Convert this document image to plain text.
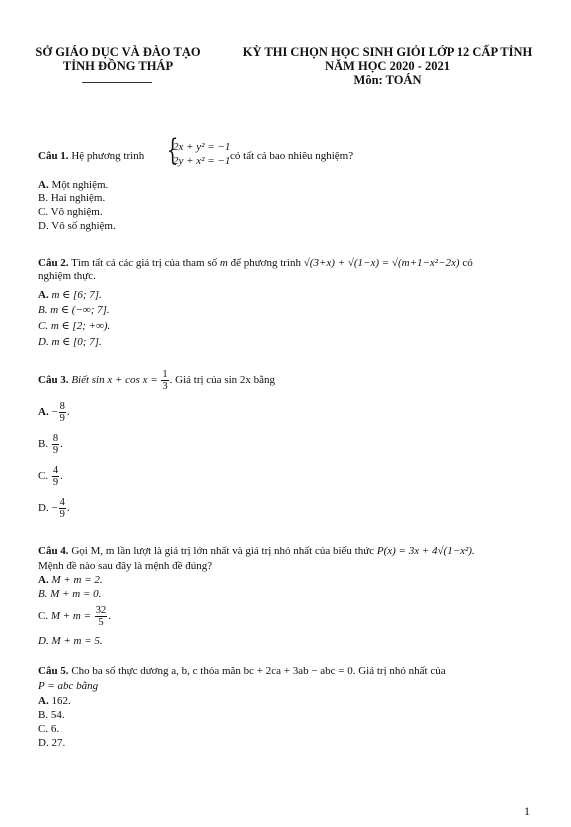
SỞ GIÁO DỤC VÀ ĐÀO TẠO
TỈNH ĐỒNG THÁP
KỲ THI CHỌN HỌC SINH GIỎI LỚP 12 CẤP TỈNH
NĂM HỌC 2020 - 2021
Môn: TOÁN
Câu 1. Hệ phương trình {
2x + y² = −1
2y + x² = −1 có tất cả bao nhiêu nghiệm?
A. Một nghiệm.
B. Hai nghiệm.
C. Vô nghiệm.
D. Vô số nghiệm.
Câu 2. Tìm tất cả các giá trị của tham số m để phương trình √(3+x) + √(1−x) = √(m+1−x²−2x) có
nghiệm thực.
A. m ∈ [6; 7].
B. m ∈ (−∞; 7].
C. m ∈ [2; +∞).
D. m ∈ [0; 7].
Câu 3. Biết $\sin x + \cos x = \frac{1}{3}$ . Giá trị của sin 2x bằng
A. − $\frac{8}{9}$ .
B. $\frac{8}{9}$ .
C. $\frac{4}{9}$ .
D. − $\frac{4}{9}$ .
Câu 4. Gọi M, m lần lượt là giá trị lớn nhất và giá trị nhỏ nhất của biểu thức P(x) = 3x + 4√(1−x²).
Mệnh đề nào sau đây là mệnh đề đúng?
A. M + m = 2.
B. M + m = 0.
C. $M + m = \frac{32}{5}$ .
D. M + m = 5.
Câu 5. Cho ba số thực dương a, b, c thỏa mãn bc + 2ca + 3ab − abc = 0. Giá trị nhỏ nhất của
P = abc bằng
A. 162.
B. 54.
C. 6.
D. 27.
1
